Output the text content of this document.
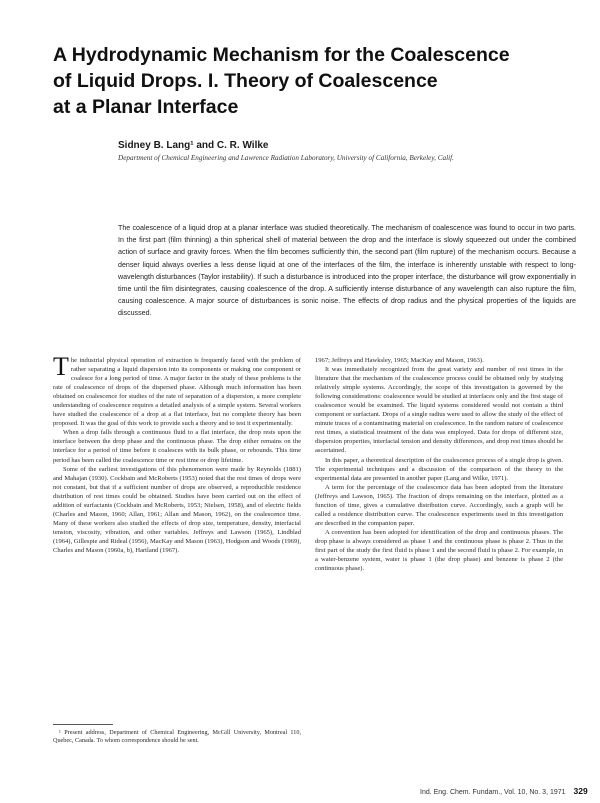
A Hydrodynamic Mechanism for the Coalescence
of Liquid Drops. I. Theory of Coalescence
at a Planar Interface
Sidney B. Lang¹ and C. R. Wilke
Department of Chemical Engineering and Lawrence Radiation Laboratory, University of California, Berkeley, Calif.
The coalescence of a liquid drop at a planar interface was studied theoretically. The mechanism of coalescence was found to occur in two parts. In the first part (film thinning) a thin spherical shell of material between the drop and the interface is slowly squeezed out under the combined action of surface and gravity forces. When the film becomes sufficiently thin, the second part (film rupture) of the mechanism occurs. Because a denser liquid always overlies a less dense liquid at one of the interfaces of the film, the interface is inherently unstable with respect to long-wavelength disturbances (Taylor instability). If such a disturbance is introduced into the proper interface, the disturbance will grow exponentially in time until the film disintegrates, causing coalescence of the drop. A sufficiently intense disturbance of any wavelength can also rupture the film, causing coalescence. A major source of disturbances is sonic noise. The effects of drop radius and the physical properties of the liquids are discussed.

The industrial physical operation of extraction is frequently faced with the problem of rather separating a liquid dispersion into its components or making one component or coalesce for a long period of time. A major factor in the study of these problems is the rate of coalescence of drops of the dispersed phase. Although much information has been obtained on coalescence for studies of the rate of separation of a dispersion, a more complete understanding of coalescence requires a detailed analysis of a simple system. Several workers have studied the coalescence of a drop at a flat interface, but no complete theory has been proposed. It was the goal of this work to provide such a theory and to test it experimentally.

When a drop falls through a continuous fluid to a flat interface, the drop rests upon the interface between the drop phase and the continuous phase. The drop either remains on the interface for a period of time before it coalesces with its bulk phase, or rebounds. This time period has been called the coalescence time or rest time or drop lifetime.

Some of the earliest investigations of this phenomenon were made by Reynolds (1881) and Mahajan (1930). Cockbain and McRoberts (1953) noted that the rest times of drops were not constant, but that if a sufficient number of drops are observed, a reproducible residence distribution of rest times could be obtained. Studies have been carried out on the effect of addition of surfactants (Cockbain and McRoberts, 1953; Nielsen, 1958), and of electric fields (Charles and Mason, 1960; Allan, 1961; Allan and Mason, 1962), on the coalescence time. Many of these workers also studied the effects of drop size, temperature, density, interfacial tension, viscosity, vibration, and other variables. Jeffreys and Lawson (1965), Lindblad (1964), Gillespie and Rideal (1956), MacKay and Mason (1963), Hodgson and Woods (1969), Charles and Mason (1960a, b), Hartland (1967).

¹ Present address, Department of Chemical Engineering, McGill University, Montreal 110, Quebec, Canada. To whom correspondence should be sent.

1967; Jeffreys and Hawksley, 1965; MacKay and Mason, 1963).

It was immediately recognized from the great variety and number of rest times in the literature that the mechanism of the coalescence process could be obtained only by studying relatively simple systems. Accordingly, the scope of this investigation is governed by the following considerations: coalescence would be studied at interfaces only and the first stage of coalescence would be examined. The liquid systems considered would not contain a third component or surfactant. Drops of a single radius were used to allow the study of the effect of minute traces of a contaminating material on coalescence. In the random nature of coalescence rest times, a statistical treatment of the data was employed. Data for drops of different size, dispersion properties, interfacial tension and density differences, and drop rest times should be ascertained.

In this paper, a theoretical description of the coalescence process of a single drop is given. The experimental techniques and a discussion of the comparison of the theory to the experimental data are presented in another paper (Lang and Wilke, 1971).

A term for the percentage of the coalescence data has been adopted from the literature (Jeffreys and Lawson, 1965). The fraction of drops remaining on the interface, plotted as a function of time, gives a cumulative distribution curve. Accordingly, such a graph will be called a residence distribution curve. The coalescence experiments used in this investigation are described in the companion paper.

A convention has been adopted for identification of the drop and continuous phases. The drop phase is always considered as phase 1 and the continuous phase is phase 2. Thus in the first part of the study the first fluid is phase 1 and the second fluid is phase 2. For example, in a water-benzene system, water is phase 1 (the drop phase) and benzene is phase 2 (the continuous phase).

Ind. Eng. Chem. Fundam., Vol. 10, No. 3, 1971 329
